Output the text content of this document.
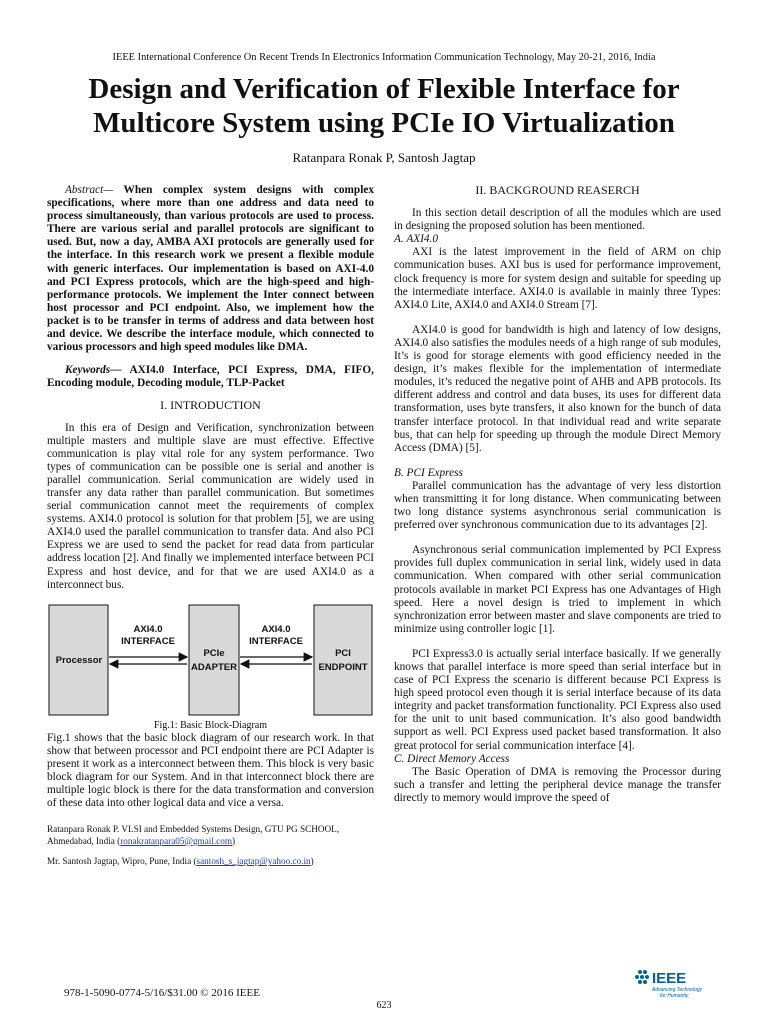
IEEE International Conference On Recent Trends In Electronics Information Communication Technology, May 20-21, 2016, India
Design and Verification of Flexible Interface for
Multicore System using PCIe IO Virtualization
Ratanpara Ronak P, Santosh Jagtap

Abstract— When complex system designs with complex specifications, where more than one address and data need to process simultaneously, than various protocols are used to process. There are various serial and parallel protocols are significant to used. But, now a day, AMBA AXI protocols are generally used for the interface. In this research work we present a flexible module with generic interfaces. Our implementation is based on AXI-4.0 and PCI Express protocols, which are the high-speed and high-performance protocols. We implement the Inter connect between host processor and PCI endpoint. Also, we implement how the packet is to be transfer in terms of address and data between host and device. We describe the interface module, which connected to various processors and high speed modules like DMA.

Keywords— AXI4.0 Interface, PCI Express, DMA, FIFO, Encoding module, Decoding module, TLP-Packet

I. INTRODUCTION

In this era of Design and Verification, synchronization between multiple masters and multiple slave are must effective. Effective communication is play vital role for any system performance. Two types of communication can be possible one is serial and another is parallel communication. Serial communication are widely used in transfer any data rather than parallel communication. But sometimes serial communication cannot meet the requirements of complex systems. AXI4.0 protocol is solution for that problem [5], we are using AXI4.0 used the parallel communication to transfer data. And also PCI Express we are used to send the packet for read data from particular address location [2]. And finally we implemented interface between PCI Express and host device, and for that we are used AXI4.0 as a interconnect bus.

Processor
AXI4.0
INTERFACE
PCIe
ADAPTER
AXI4.0
INTERFACE
PCI
ENDPOINT

Fig.1: Basic Block-Diagram

Fig.1 shows that the basic block diagram of our research work. In that show that between processor and PCI endpoint there are PCI Adapter is present it work as a interconnect between them. This block is very basic block diagram for our System. And in that interconnect block there are multiple logic block is there for the data transformation and conversion of these data into other logical data and vice a versa.

Ratanpara Ronak P. VLSI and Embedded Systems Design, GTU PG SCHOOL, Ahmedabad, India (ronakratanpara05@gmail.com)

Mr. Santosh Jagtap, Wipro, Pune, India (santosh_s_jagtap@yahoo.co.in)

II. BACKGROUND REASERCH

In this section detail description of all the modules which are used in designing the proposed solution has been mentioned.

A. AXI4.0

AXI is the latest improvement in the field of ARM on chip communication buses. AXI bus is used for performance improvement, clock frequency is more for system design and suitable for speeding up the intermediate interface. AXI4.0 is available in mainly three Types: AXI4.0 Lite, AXI4.0 and AXI4.0 Stream [7].

AXI4.0 is good for bandwidth is high and latency of low designs, AXI4.0 also satisfies the modules needs of a high range of sub modules, It’s is good for storage elements with good efficiency needed in the design, it’s makes flexible for the implementation of intermediate modules, it’s reduced the negative point of AHB and APB protocols. Its different address and control and data buses, its uses for different data transformation, uses byte transfers, it also known for the bunch of data transfer interface protocol. In that individual read and write separate bus, that can help for speeding up through the module Direct Memory Access (DMA) [5].

B. PCI Express

Parallel communication has the advantage of very less distortion when transmitting it for long distance. When communicating between two long distance systems asynchronous serial communication is preferred over synchronous communication due to its advantages [2].

Asynchronous serial communication implemented by PCI Express provides full duplex communication in serial link, widely used in data communication. When compared with other serial communication protocols available in market PCI Express has one Advantages of High speed. Here a novel design is tried to implement in which synchronization error between master and slave components are tried to minimize using controller logic [1].

PCI Express3.0 is actually serial interface basically. If we generally knows that parallel interface is more speed than serial interface but in case of PCI Express the scenario is different because PCI Express is high speed protocol even though it is serial interface because of its data integrity and packet transformation functionality. PCI Express also used for the unit to unit based communication. It’s also good bandwidth support as well. PCI Express used packet based transformation. It also great protocol for serial communication interface [4].

C. Direct Memory Access

The Basic Operation of DMA is removing the Processor during such a transfer and letting the peripheral device manage the transfer directly to memory would improve the speed of

978-1-5090-0774-5/16/$31.00 © 2016 IEEE
623
IEEE
Advancing Technology
for Humanity
